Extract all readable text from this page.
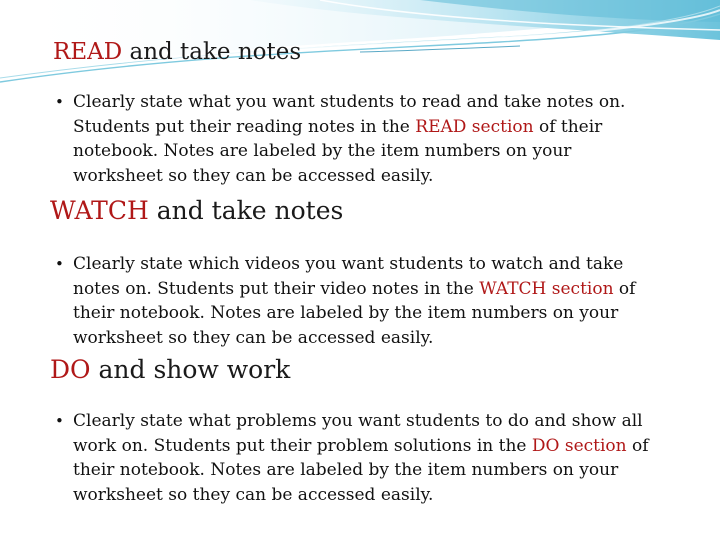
READ and take notes
• Clearly state what you want students to read and take notes on. Students put their reading notes in the READ section of their notebook. Notes are labeled by the item numbers on your worksheet so they can be accessed easily.
WATCH and take notes
• Clearly state which videos you want students to watch and take notes on. Students put their video notes in the WATCH section of their notebook. Notes are labeled by the item numbers on your worksheet so they can be accessed easily.
DO and show work
• Clearly state what problems you want students to do and show all work on. Students put their problem solutions in the DO section of their notebook. Notes are labeled by the item numbers on your worksheet so they can be accessed easily.
